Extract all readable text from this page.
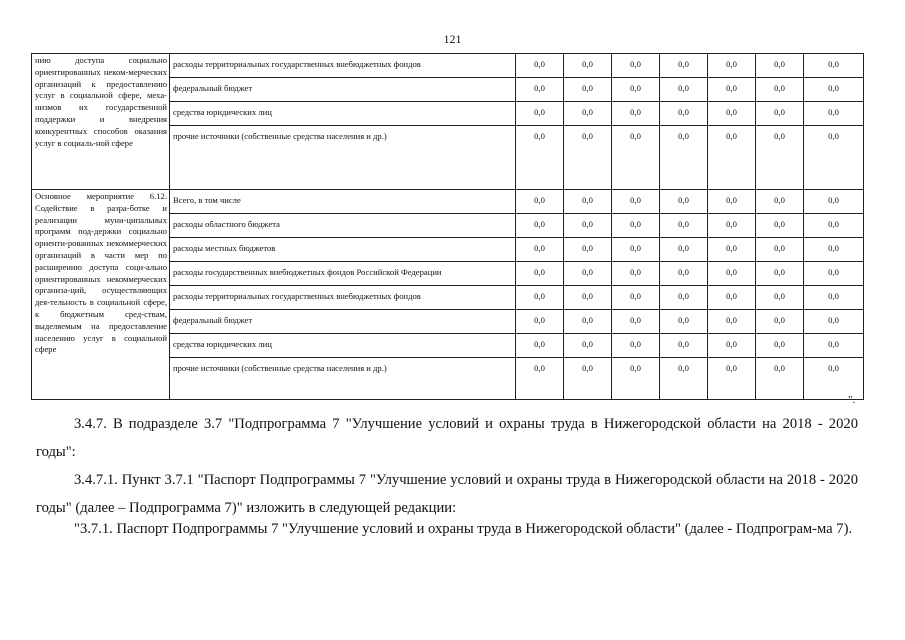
121
нию доступа социально ориентированных неком-мерческих организаций к предоставлению услуг в социальной сфере, меха-низмов их государственной поддержки и внедрения конкурентных способов оказания услуг в социаль-ной сфере	расходы территориальных государственных внебюджетных фондов	0,0	0,0	0,0	0,0	0,0	0,0	0,0
	федеральный бюджет	0,0	0,0	0,0	0,0	0,0	0,0	0,0
	средства юридических лиц	0,0	0,0	0,0	0,0	0,0	0,0	0,0
	прочие источники (собственные средства населения и др.)	0,0	0,0	0,0	0,0	0,0	0,0	0,0
Основное мероприятие 6.12. Содействие в разра-ботке и реализации муни-ципальных программ под-держки социально ориенти-рованных некоммерческих организаций в части мер по расширению доступа соци-ально ориентированных некоммерческих организа-ций, осуществляющих дея-тельность в социальной сфере, к бюджетным сред-ствам, выделяемым на предоставление населению услуг в социальной сфере	Всего, в том числе	0,0	0,0	0,0	0,0	0,0	0,0	0,0
	расходы областного бюджета	0,0	0,0	0,0	0,0	0,0	0,0	0,0
	расходы местных бюджетов	0,0	0,0	0,0	0,0	0,0	0,0	0,0
	расходы государственных внебюджетных фондов Российской Федерации	0,0	0,0	0,0	0,0	0,0	0,0	0,0
	расходы территориальных государственных внебюджетных фондов	0,0	0,0	0,0	0,0	0,0	0,0	0,0
	федеральный бюджет	0,0	0,0	0,0	0,0	0,0	0,0	0,0
	средства юридических лиц	0,0	0,0	0,0	0,0	0,0	0,0	0,0
	прочие источники (собственные средства населения и др.)	0,0	0,0	0,0	0,0	0,0	0,0	0,0
".

3.4.7. В подразделе 3.7 "Подпрограмма 7 "Улучшение условий и охраны труда в Нижегородской области на 2018 - 2020 годы":

3.4.7.1. Пункт 3.7.1 "Паспорт Подпрограммы 7 "Улучшение условий и охраны труда в Нижегородской области на 2018 - 2020 годы" (далее – Подпрограмма 7)" изложить в следующей редакции:

"3.7.1. Паспорт Подпрограммы 7 "Улучшение условий и охраны труда в Нижегородской области" (далее - Подпрограм-ма 7).
